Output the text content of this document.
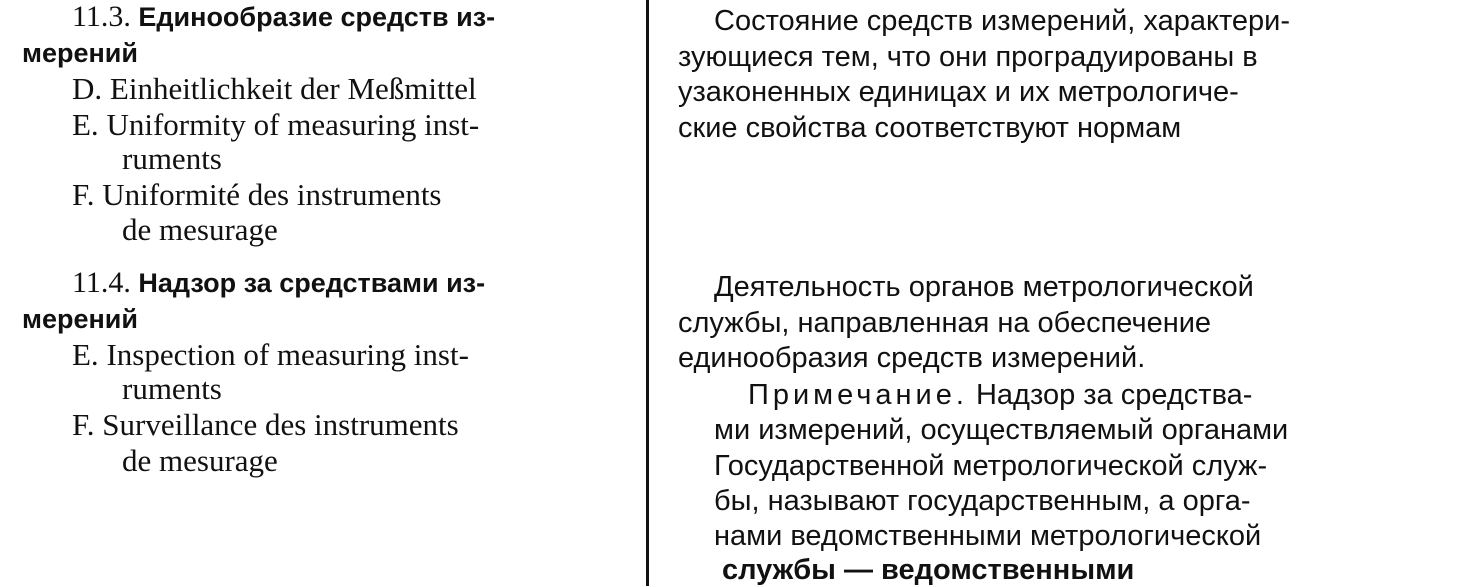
11.3. Единообразие средств из-
мерений
D. Einheitlichkeit der Meßmittel
E. Uniformity of measuring inst-
ruments
F. Uniformité des instruments
de mesurage
11.4. Надзор за средствами из-
мерений
E. Inspection of measuring inst-
ruments
F. Surveillance des instruments
de mesurage
Состояние средств измерений, характери-
зующиеся тем, что они проградуированы в
узаконенных единицах и их метрологиче-
ские свойства соответствуют нормам
Деятельность органов метрологической
службы, направленная на обеспечение
единообразия средств измерений.
Примечание. Надзор за средства-
ми измерений, осуществляемый органами
Государственной метрологической служ-
бы, называют государственным, а орга-
нами ведомственными метрологической
службы — ведомственными
